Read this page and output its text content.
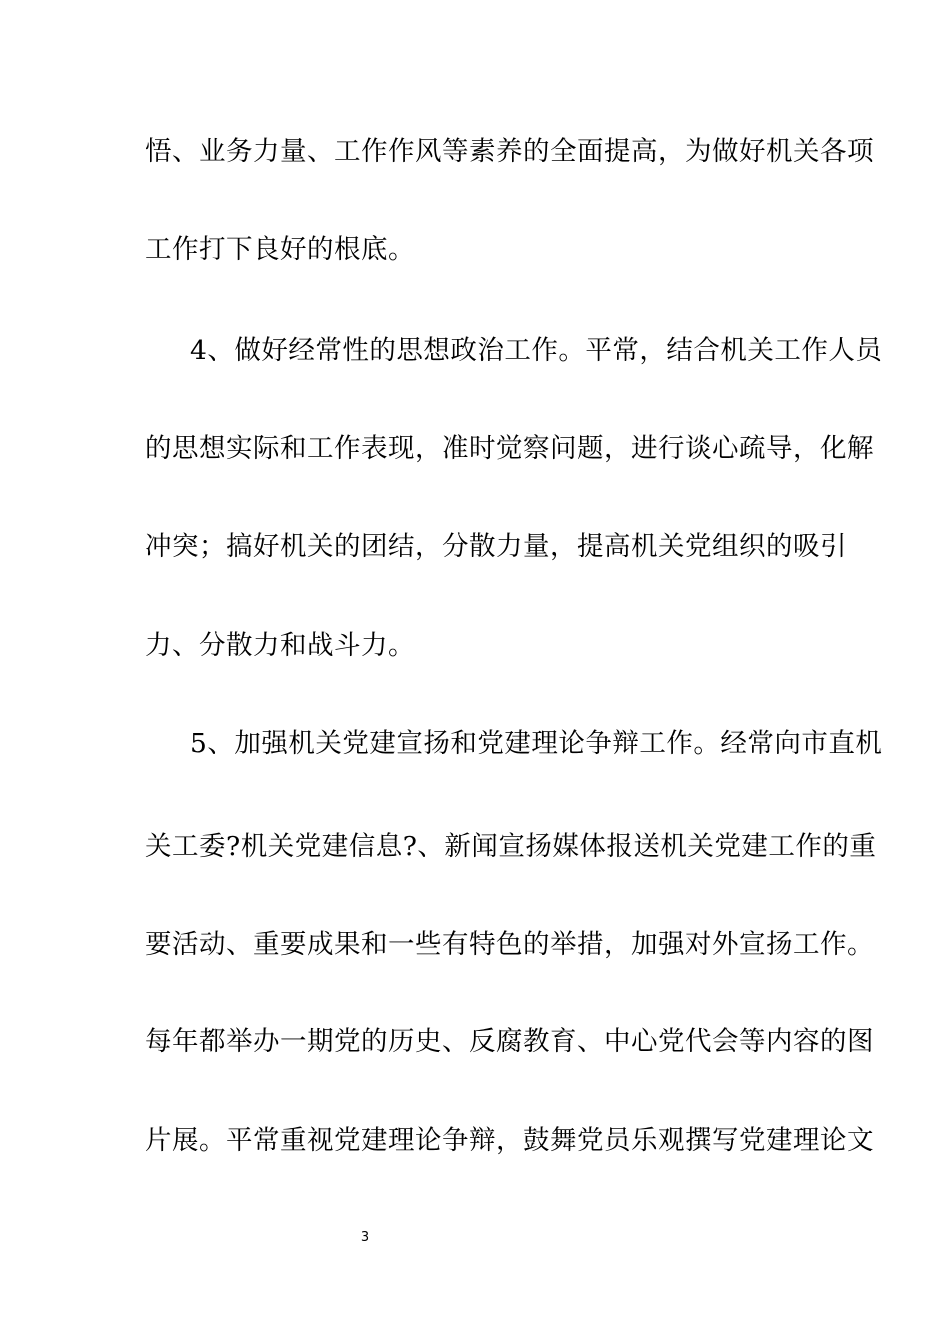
悟、业务力量、工作作风等素养的全面提高，为做好机关各项
工作打下良好的根底。
4、做好经常性的思想政治工作。平常，结合机关工作人员
的思想实际和工作表现，准时觉察问题，进行谈心疏导，化解
冲突；搞好机关的团结，分散力量，提高机关党组织的吸引
力、分散力和战斗力。
5、加强机关党建宣扬和党建理论争辩工作。经常向市直机
关工委?机关党建信息?、新闻宣扬媒体报送机关党建工作的重
要活动、重要成果和一些有特色的举措，加强对外宣扬工作。
每年都举办一期党的历史、反腐教育、中心党代会等内容的图
片展。平常重视党建理论争辩，鼓舞党员乐观撰写党建理论文
3
